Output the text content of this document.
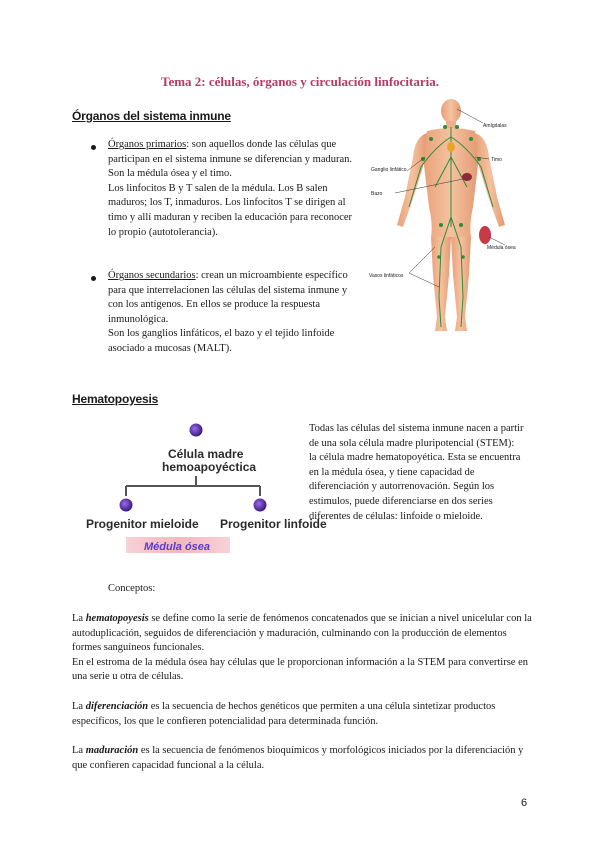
Tema 2: células, órganos y circulación linfocitaria.
Órganos del sistema inmune
Órganos primarios: son aquellos donde las células que participan en el sistema inmune se diferencian y maduran.
Son la médula ósea y el timo.
Los linfocitos B y T salen de la médula. Los B salen maduros; los T, inmaduros. Los linfocitos T se dirigen al timo y allí maduran y reciben la educación para reconocer lo propio (autotolerancia).
Órganos secundarios: crean un microambiente específico para que interrelacionen las células del sistema inmune y con los antígenos. En ellos se produce la respuesta inmunológica.
Son los ganglios linfáticos, el bazo y el tejido linfoide asociado a mucosas (MALT).
Amígdalas
Ganglio linfático
Timo
Bazo
Médula ósea
Vasos linfáticos
Hematopoyesis
Célula madre
hemoapoyéctica
Progenitor mieloide Progenitor linfoide
Médula ósea
Todas las células del sistema inmune nacen a partir de una sola célula madre pluripotencial (STEM): la célula madre hematopoyética. Esta se encuentra en la médula ósea, y tiene capacidad de diferenciación y autorrenovación. Según los estímulos, puede diferenciarse en dos series diferentes de células: linfoide o mieloide.
Conceptos:
La hematopoyesis se define como la serie de fenómenos concatenados que se inician a nivel unicelular con la autoduplicación, seguidos de diferenciación y maduración, culminando con la producción de elementos formes sanguíneos funcionales.
En el estroma de la médula ósea hay células que le proporcionan información a la STEM para convertirse en una serie u otra de células.
La diferenciación es la secuencia de hechos genéticos que permiten a una célula sintetizar productos específicos, los que le confieren potencialidad para determinada función.
La maduración es la secuencia de fenómenos bioquímicos y morfológicos iniciados por la diferenciación y que confieren capacidad funcional a la célula.
6
